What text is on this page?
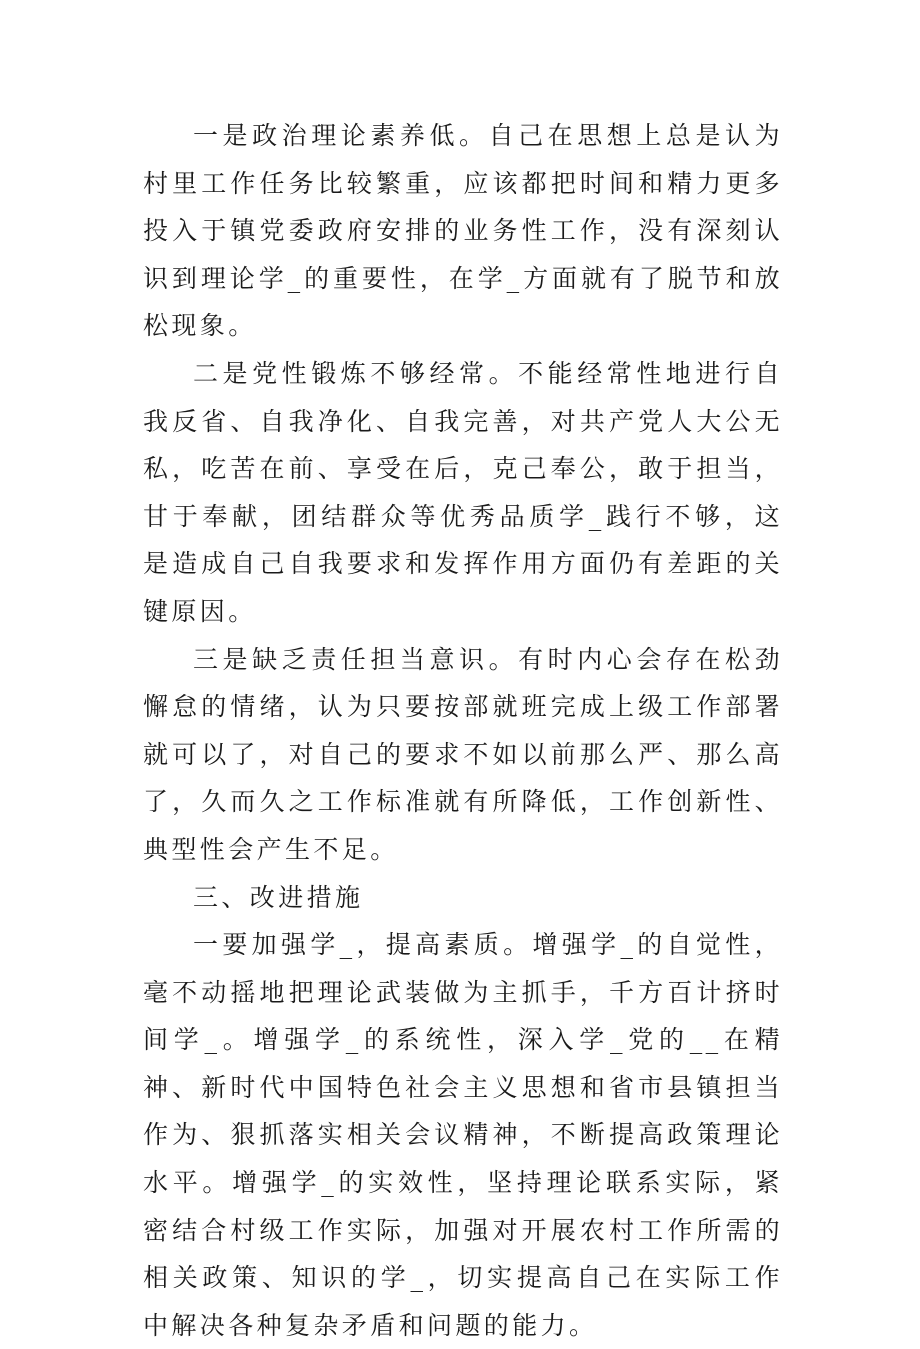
一是政治理论素养低。自己在思想上总是认为村里工作任务比较繁重，应该都把时间和精力更多投入于镇党委政府安排的业务性工作，没有深刻认识到理论学_的重要性，在学_方面就有了脱节和放松现象。

二是党性锻炼不够经常。不能经常性地进行自我反省、自我净化、自我完善，对共产党人大公无私，吃苦在前、享受在后，克己奉公，敢于担当，甘于奉献，团结群众等优秀品质学_践行不够，这是造成自己自我要求和发挥作用方面仍有差距的关键原因。

三是缺乏责任担当意识。有时内心会存在松劲懈怠的情绪，认为只要按部就班完成上级工作部署就可以了，对自己的要求不如以前那么严、那么高了，久而久之工作标准就有所降低，工作创新性、典型性会产生不足。

三、改进措施

一要加强学_，提高素质。增强学_的自觉性，毫不动摇地把理论武装做为主抓手，千方百计挤时间学_。增强学_的系统性，深入学_党的__在精神、新时代中国特色社会主义思想和省市县镇担当作为、狠抓落实相关会议精神，不断提高政策理论水平。增强学_的实效性，坚持理论联系实际，紧密结合村级工作实际，加强对开展农村工作所需的相关政策、知识的学_，切实提高自己在实际工作中解决各种复杂矛盾和问题的能力。
